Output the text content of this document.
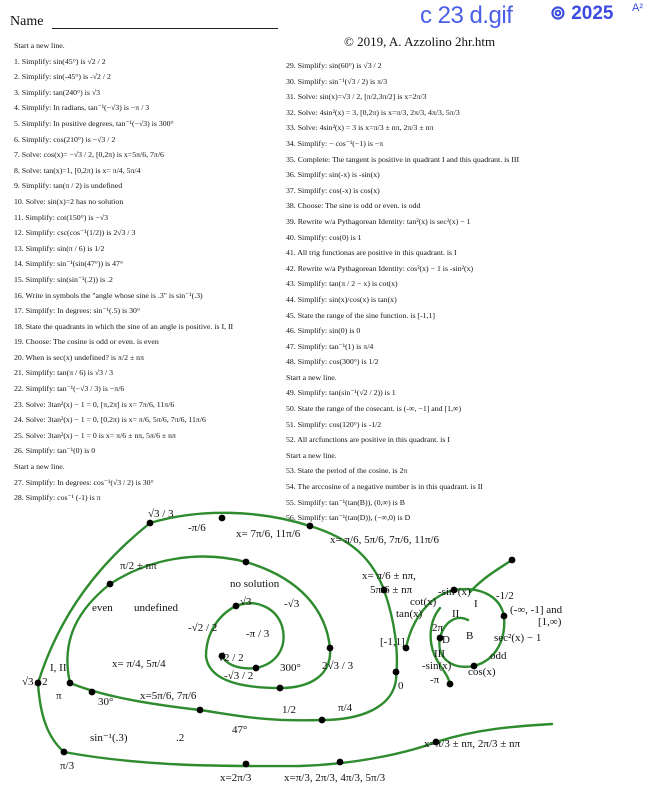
Name
© 2019, A. Azzolino 2hr.htm
c 23 d.gif ⊚ 2025 A²
Start a new line.
1. Simplify: sin(45°) is √2 / 2
2. Simplify: sin(-45°) is -√2 / 2
3. Simplify: tan(240°) is √3
4. Simplify: In radians, tan⁻¹(−√3) is −π / 3
5. Simplify: In positive degrees, tan⁻¹(−√3) is 300°
6. Simplify: cos(210°) is −√3 / 2
7. Solve: cos(x)= −√3 / 2, [0,2π) is x=5π/6, 7π/6
8. Solve: tan(x)=1, [0,2π) is x= π/4, 5π/4
9. Simplify: tan(π / 2) is undefined
10. Solve: sin(x)=2 has no solution
11. Simplify: cot(150°) is −√3
12. Simplify: csc(cos⁻¹(1/2)) is 2√3 / 3
13. Simplify: sin(π / 6) is 1/2
14. Simplify: sin⁻¹(sin(47°)) is 47°
15. Simplify: sin(sin⁻¹(.2)) is .2
16. Write in symbols the "angle whose sine is .3" is sin⁻¹(.3)
17. Simplify: In degrees: sin⁻¹(.5) is 30°
18. State the quadrants in which the sine of an angle is positive. is I, II
19. Choose: The cosine is odd or even. is even
20. When is sec(x) undefined? is π/2 ± nπ
21. Simplify: tan(π / 6) is √3 / 3
22. Simplify: tan⁻¹(−√3 / 3) is −π/6
23. Solve: 3tan²(x) − 1 = 0, [π,2π] is x= 7π/6, 11π/6
24. Solve: 3tan²(x) − 1 = 0, [0,2π) is x= π/6, 5π/6, 7π/6, 11π/6
25. Solve: 3tan²(x) − 1 = 0 is x= π/6 ± nπ, 5π/6 ± nπ
26. Simplify: tan⁻¹(0) is 0
Start a new line.
27. Simplify: In degrees: cos⁻¹(√3 / 2) is 30°
28. Simplify: cos⁻¹ (-1) is π
29. Simplify: sin(60°) is √3 / 2
30. Simplify: sin⁻¹(√3 / 2) is π/3
31. Solve: sin(x)=√3 / 2, [π/2,3π/2] is x=2π/3
32. Solve: 4sin²(x) = 3, [0,2π) is x=π/3, 2π/3, 4π/3, 5π/3
33. Solve: 4sin²(x) = 3 is x=π/3 ± nπ, 2π/3 ± nπ
34. Simplify: − cos⁻¹(−1) is −π
35. Complete: The tangent is positive in quadrant I and this quadrant. is III
36. Simplify: sin(-x) is -sin(x)
37. Simplify: cos(-x) is cos(x)
38. Choose: The sine is odd or even. is odd
39. Rewrite w/a Pythagorean Identity: tan²(x) is sec²(x) − 1
40. Simplify: cos(0) is 1
41. All trig functionas are positive in this quadrant. is I
42. Rewrite w/a Pythagorean Identity: cos²(x) − 1 is -sin²(x)
43. Simplify: tan(π / 2 − x) is cot(x)
44. Simplify: sin(x)/cos(x) is tan(x)
45. State the range of the sine function. is [-1,1]
46. Simplify: sin(0) is 0
47. Simplify: tan⁻¹(1) is π/4
48. Simplify: cos(300°) is 1/2
Start a new line.
49. Simplify: tan(sin⁻¹(√2 / 2)) is 1
50. State the range of the cosecant. is (-∞, −1] and [1,∞)
51. Simplify: cos(120°) is -1/2
52. All arcfunctions are positive in this quadrant. is I
Start a new line.
53. State the period of the cosine. is 2π
54. The arccosine of a negative number is in this quadrant. is II
55. Simplify: tan⁻¹(tan(B)), (0,∞) is B
56. Simplify: tan⁻¹(tan(D)), (−∞,0) is D
√3 / 3
-π/6	x= 7π/6, 11π/6	x= π/6, 5π/6, 7π/6, 11π/6
π/2 ± nπ
no solution
√3	-√3
-√2 / 2	-π / 3
even undefined
x= π/6 ± nπ,
5π/6 ± nπ -sin²(x) -1/2
cot(x)
tan(x)
I
II	(-∞, -1] and
[1,∞)
[-1,1]
2π
D B sec²(x) − 1
III	odd
-sin(x)
-π
cos(x)
I, II	x= π/4, 5π/4	√2 / 2
-√3 / 2
300° 2√3 / 3
0
√3 / 2
π	30° x=5π/6, 7π/6
1/2	π/4
sin⁻¹(.3)	.2
47°
x=π/3 ± nπ, 2π/3 ± nπ
π/3
x=2π/3	x=π/3, 2π/3, 4π/3, 5π/3
